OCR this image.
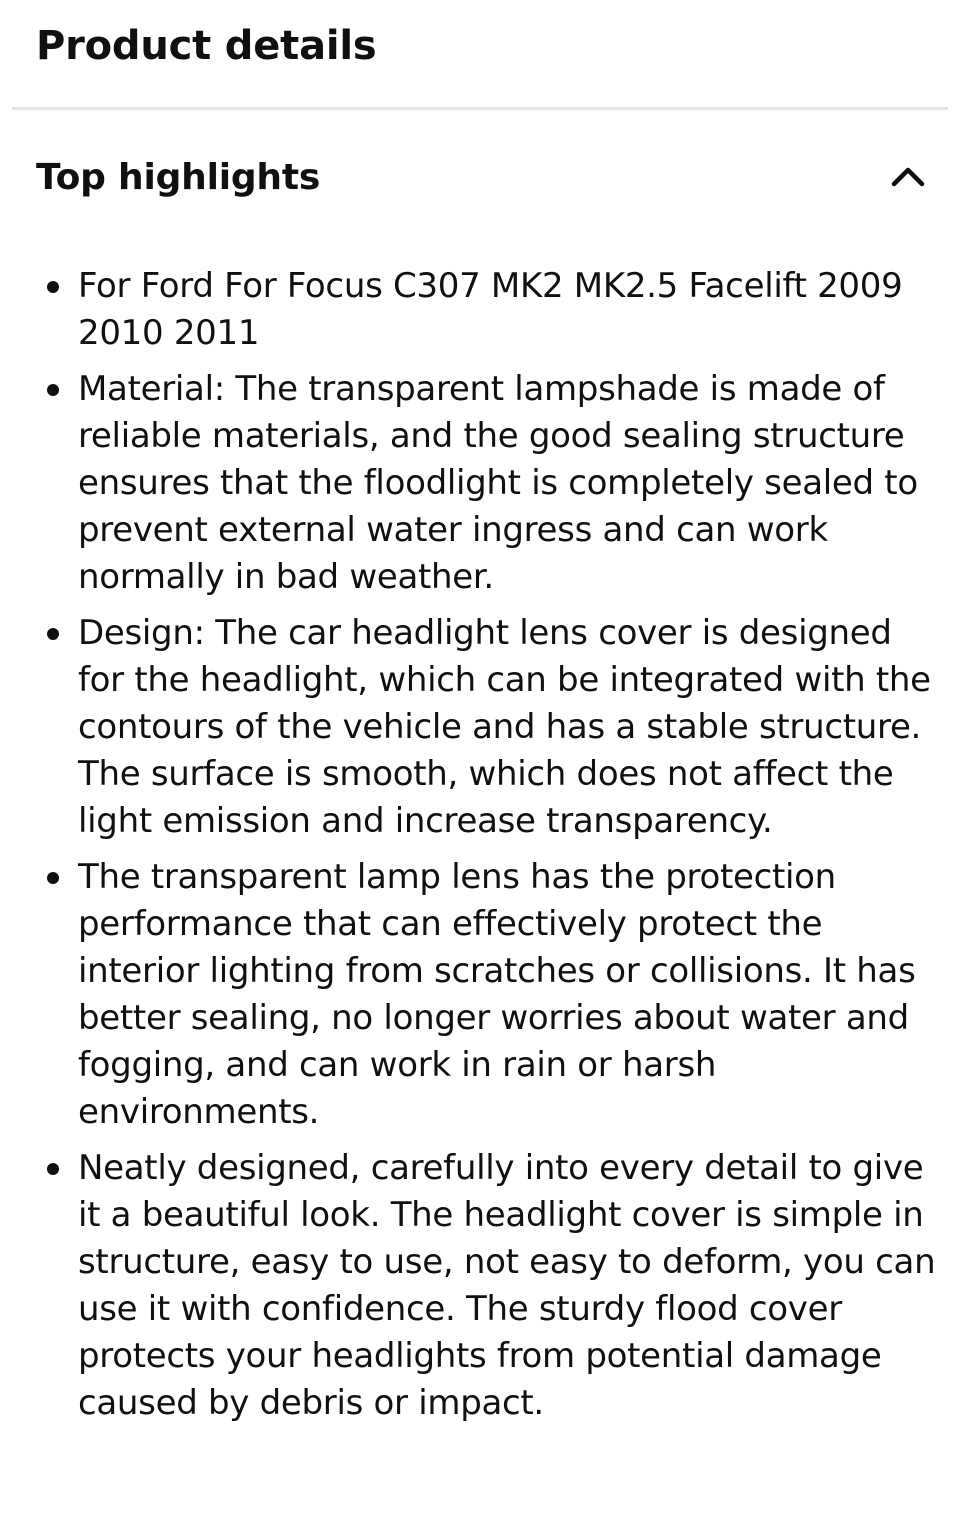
Product details
Top highlights
For Ford For Focus C307 MK2 MK2.5 Facelift 2009 2010 2011
Material: The transparent lampshade is made of reliable materials, and the good sealing structure ensures that the floodlight is completely sealed to prevent external water ingress and can work normally in bad weather.
Design: The car headlight lens cover is designed for the headlight, which can be integrated with the contours of the vehicle and has a stable structure. The surface is smooth, which does not affect the light emission and increase transparency.
The transparent lamp lens has the protection performance that can effectively protect the interior lighting from scratches or collisions. It has better sealing, no longer worries about water and fogging, and can work in rain or harsh environments.
Neatly designed, carefully into every detail to give it a beautiful look. The headlight cover is simple in structure, easy to use, not easy to deform, you can use it with confidence. The sturdy flood cover protects your headlights from potential damage caused by debris or impact.
